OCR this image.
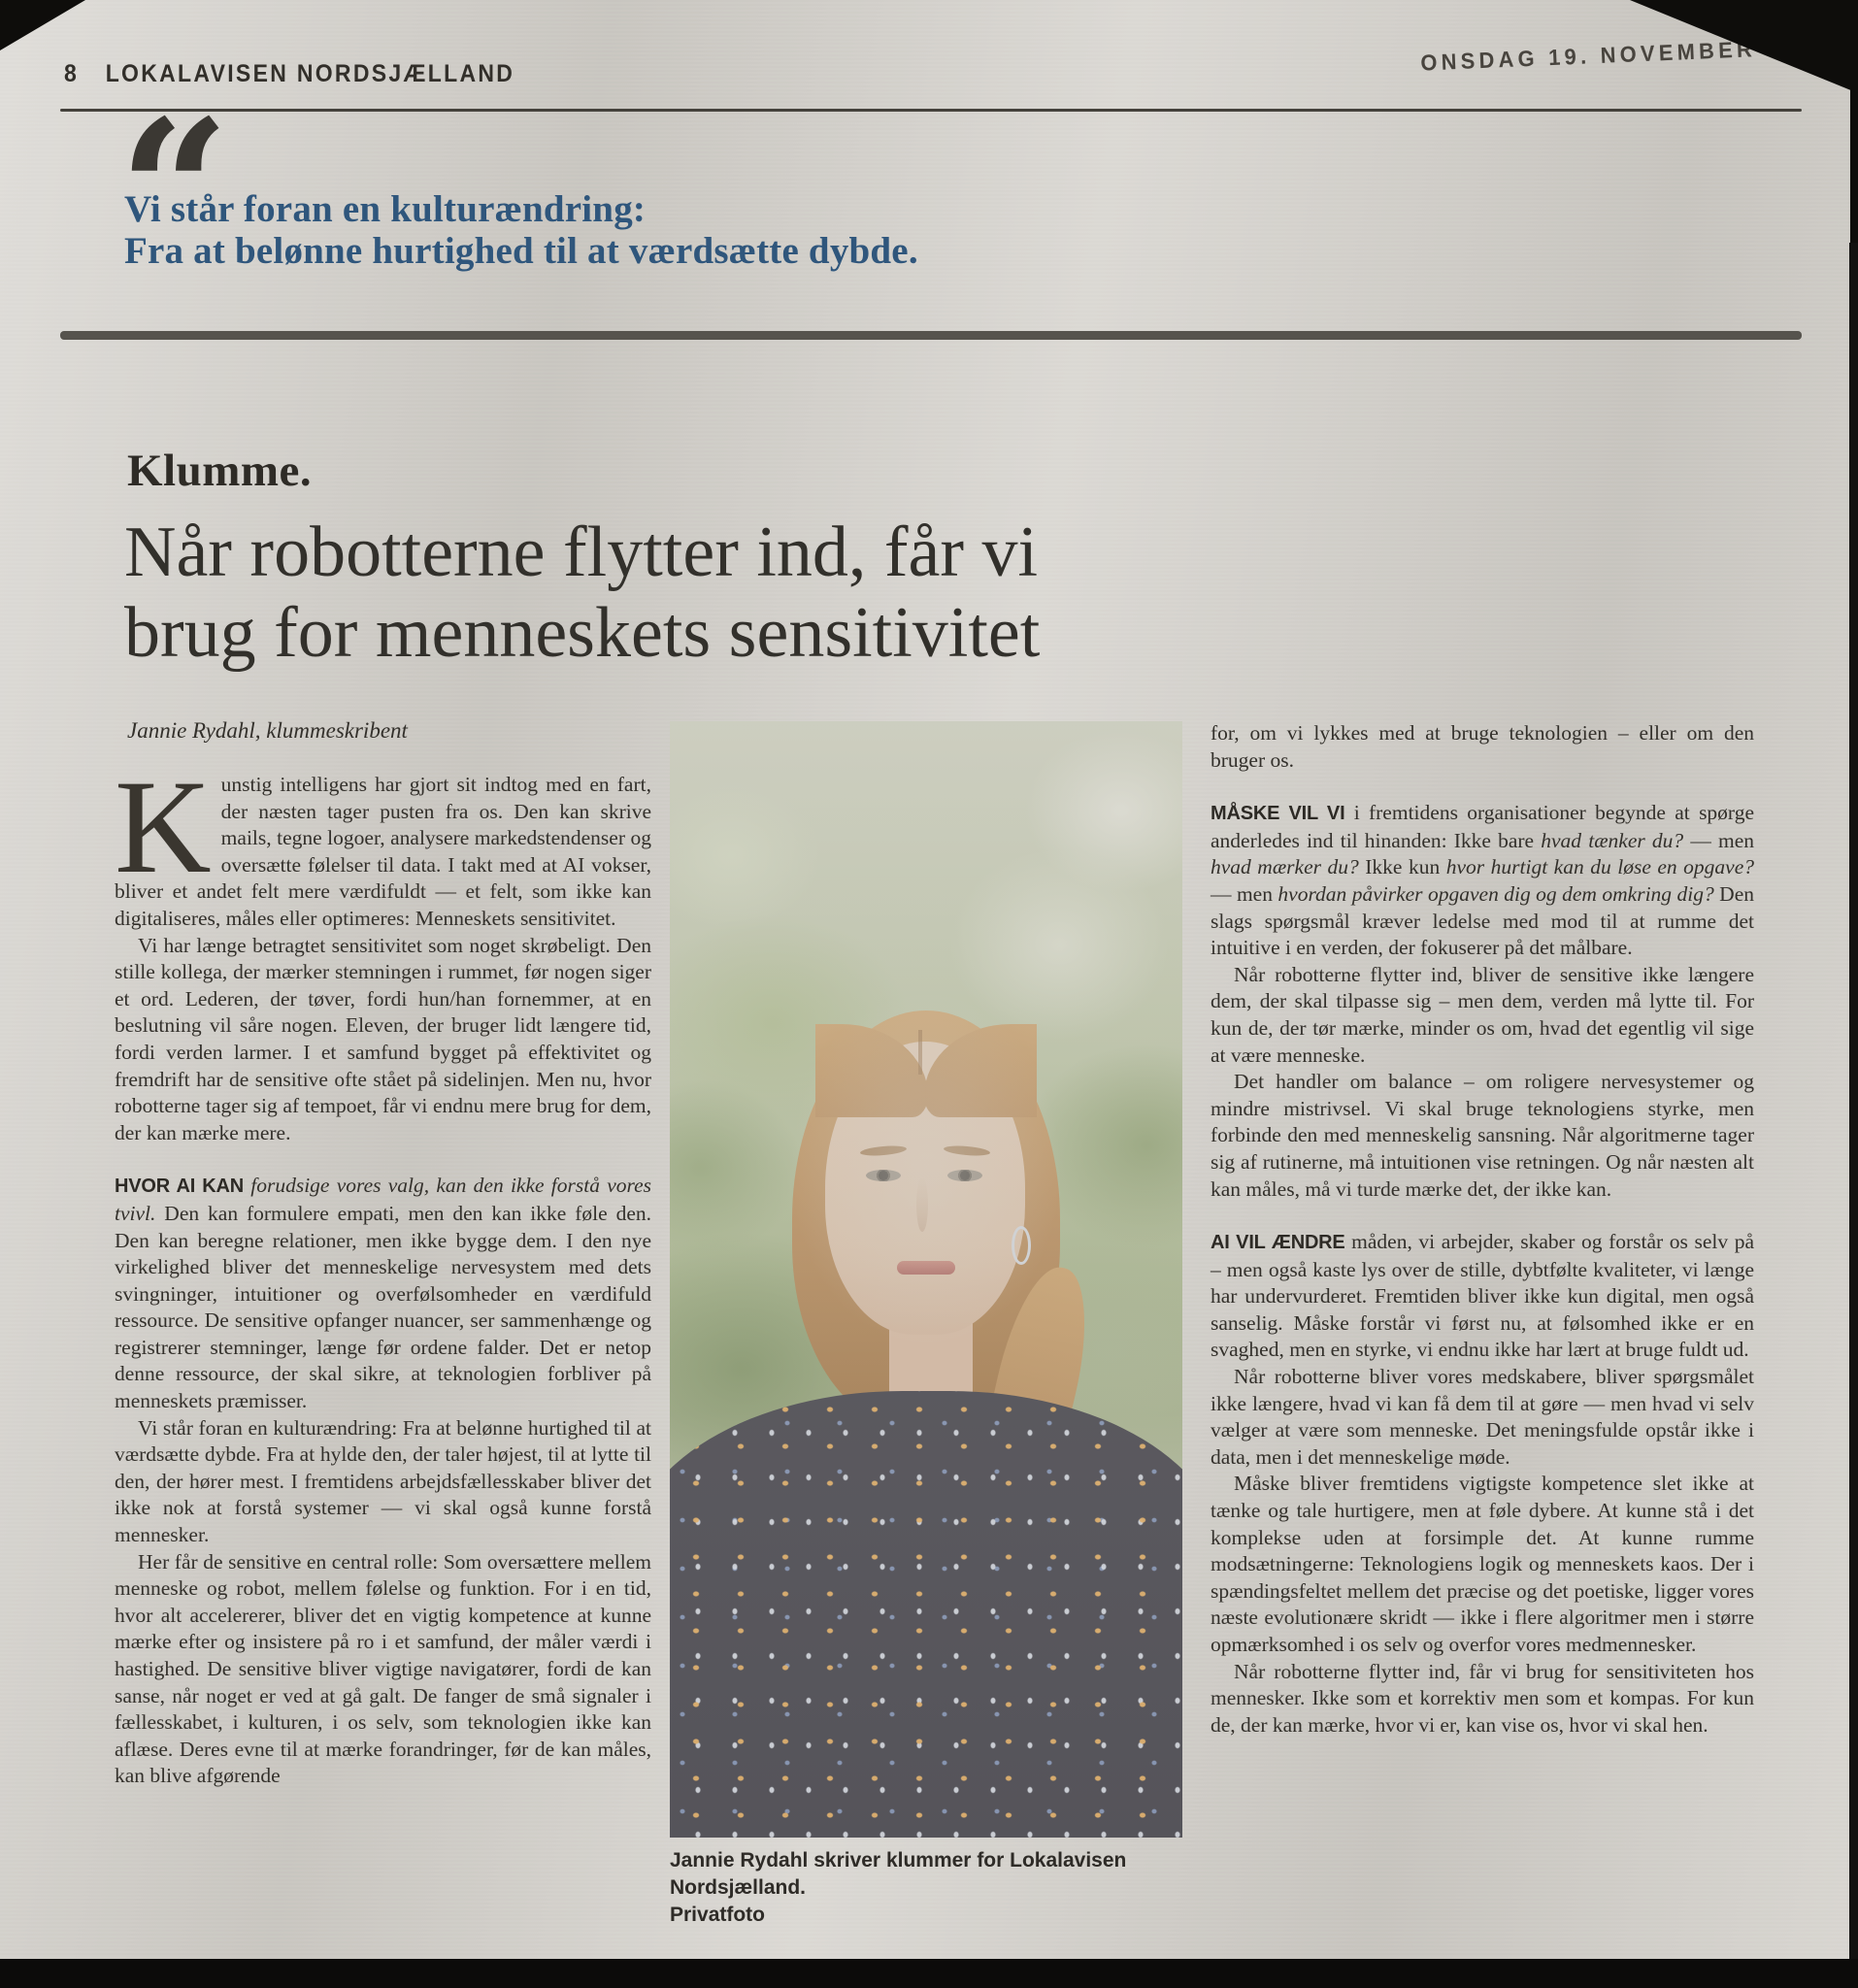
8 LOKALAVISEN NORDSJÆLLAND	ONSDAG 19. NOVEMBER 2025
“
Vi står foran en kulturændring:
Fra at belønne hurtighed til at værdsætte dybde.
Klumme.
Når robotterne flytter ind, får vi
brug for menneskets sensitivitet
Jannie Rydahl, klummeskribent

Kunstig intelligens har gjort sit indtog med en fart, der næsten tager pusten fra os. Den kan skrive mails, tegne logoer, analysere markedstendenser og oversætte følelser til data. I takt med at AI vokser, bliver et andet felt mere værdifuldt — et felt, som ikke kan digitaliseres, måles eller optimeres: Menneskets sensitivitet.

Vi har længe betragtet sensitivitet som noget skrøbeligt. Den stille kollega, der mærker stemningen i rummet, før nogen siger et ord. Lederen, der tøver, fordi hun/han fornemmer, at en beslutning vil såre nogen. Eleven, der bruger lidt længere tid, fordi verden larmer. I et samfund bygget på effektivitet og fremdrift har de sensitive ofte stået på sidelinjen. Men nu, hvor robotterne tager sig af tempoet, får vi endnu mere brug for dem, der kan mærke mere.

HVOR AI KAN forudsige vores valg, kan den ikke forstå vores tvivl. Den kan formulere empati, men den kan ikke føle den. Den kan beregne relationer, men ikke bygge dem. I den nye virkelighed bliver det menneskelige nervesystem med dets svingninger, intuitioner og overfølsomheder en værdifuld ressource. De sensitive opfanger nuancer, ser sammenhænge og registrerer stemninger, længe før ordene falder. Det er netop denne ressource, der skal sikre, at teknologien forbliver på menneskets præmisser.

Vi står foran en kulturændring: Fra at belønne hurtighed til at værdsætte dybde. Fra at hylde den, der taler højest, til at lytte til den, der hører mest. I fremtidens arbejdsfællesskaber bliver det ikke nok at forstå systemer — vi skal også kunne forstå mennesker.

Her får de sensitive en central rolle: Som oversættere mellem menneske og robot, mellem følelse og funktion. For i en tid, hvor alt accelererer, bliver det en vigtig kompetence at kunne mærke efter og insistere på ro i et samfund, der måler værdi i hastighed. De sensitive bliver vigtige navigatører, fordi de kan sanse, når noget er ved at gå galt. De fanger de små signaler i fællesskabet, i kulturen, i os selv, som teknologien ikke kan aflæse. Deres evne til at mærke forandringer, før de kan måles, kan blive afgørende

Jannie Rydahl skriver klummer for Lokalavisen Nordsjælland.
Privatfoto

for, om vi lykkes med at bruge teknologien – eller om den bruger os.

MÅSKE VIL VI i fremtidens organisationer begynde at spørge anderledes ind til hinanden: Ikke bare hvad tænker du? — men hvad mærker du? Ikke kun hvor hurtigt kan du løse en opgave? — men hvordan påvirker opgaven dig og dem omkring dig? Den slags spørgsmål kræver ledelse med mod til at rumme det intuitive i en verden, der fokuserer på det målbare.

Når robotterne flytter ind, bliver de sensitive ikke længere dem, der skal tilpasse sig – men dem, verden må lytte til. For kun de, der tør mærke, minder os om, hvad det egentlig vil sige at være menneske.

Det handler om balance – om roligere nervesystemer og mindre mistrivsel. Vi skal bruge teknologiens styrke, men forbinde den med menneskelig sansning. Når algoritmerne tager sig af rutinerne, må intuitionen vise retningen. Og når næsten alt kan måles, må vi turde mærke det, der ikke kan.

AI VIL ÆNDRE måden, vi arbejder, skaber og forstår os selv på – men også kaste lys over de stille, dybtfølte kvaliteter, vi længe har undervurderet. Fremtiden bliver ikke kun digital, men også sanselig. Måske forstår vi først nu, at følsomhed ikke er en svaghed, men en styrke, vi endnu ikke har lært at bruge fuldt ud.

Når robotterne bliver vores medskabere, bliver spørgsmålet ikke længere, hvad vi kan få dem til at gøre — men hvad vi selv vælger at være som menneske. Det meningsfulde opstår ikke i data, men i det menneskelige møde.

Måske bliver fremtidens vigtigste kompetence slet ikke at tænke og tale hurtigere, men at føle dybere. At kunne stå i det komplekse uden at forsimple det. At kunne rumme modsætningerne: Teknologiens logik og menneskets kaos. Der i spændingsfeltet mellem det præcise og det poetiske, ligger vores næste evolutionære skridt — ikke i flere algoritmer men i større opmærksomhed i os selv og overfor vores medmennesker.

Når robotterne flytter ind, får vi brug for sensitiviteten hos mennesker. Ikke som et korrektiv men som et kompas. For kun de, der kan mærke, hvor vi er, kan vise os, hvor vi skal hen.
